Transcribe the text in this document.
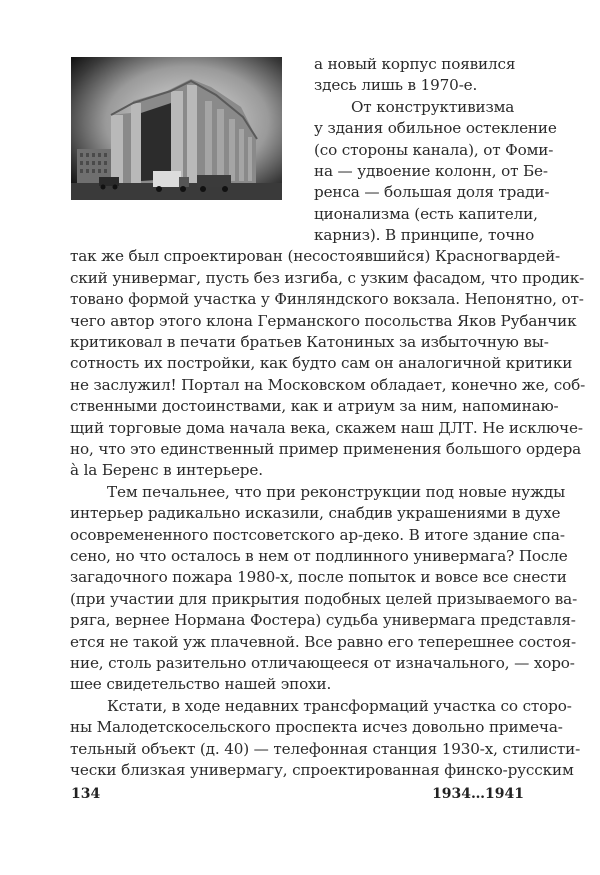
а новый корпус появился
здесь лишь в 1970-е.
От конструктивизма
у здания обильное остекление
(со стороны канала), от Фоми-
на — удвоение колонн, от Бе-
ренса — большая доля тради-
ционализма (есть капители,
карниз). В принципе, точно
так же был спроектирован (несостоявшийся) Красногвардей-
ский универмаг, пусть без изгиба, с узким фасадом, что продик-
товано формой участка у Финляндского вокзала. Непонятно, от-
чего автор этого клона Германского посольства Яков Рубанчик
критиковал в печати братьев Катониных за избыточную вы-
сотность их постройки, как будто сам он аналогичной критики
не заслужил! Портал на Московском обладает, конечно же, соб-
ственными достоинствами, как и атриум за ним, напоминаю-
щий торговые дома начала века, скажем наш ДЛТ. Не исключе-
но, что это единственный пример применения большого ордера
à la Беренс в интерьере.
Тем печальнее, что при реконструкции под новые нужды
интерьер радикально исказили, снабдив украшениями в духе
осовремененного постсоветского ар-деко. В итоге здание спа-
сено, но что осталось в нем от подлинного универмага? После
загадочного пожара 1980-х, после попыток и вовсе все снести
(при участии для прикрытия подобных целей призываемого ва-
ряга, вернее Нормана Фостера) судьба универмага представля-
ется не такой уж плачевной. Все равно его теперешнее состоя-
ние, столь разительно отличающееся от изначального, — хоро-
шее свидетельство нашей эпохи.
Кстати, в ходе недавних трансформаций участка со сторо-
ны Малодетскосельского проспекта исчез довольно примеча-
тельный объект (д. 40) — телефонная станция 1930-х, стилисти-
чески близкая универмагу, спроектированная финско-русским
134	1934…1941
